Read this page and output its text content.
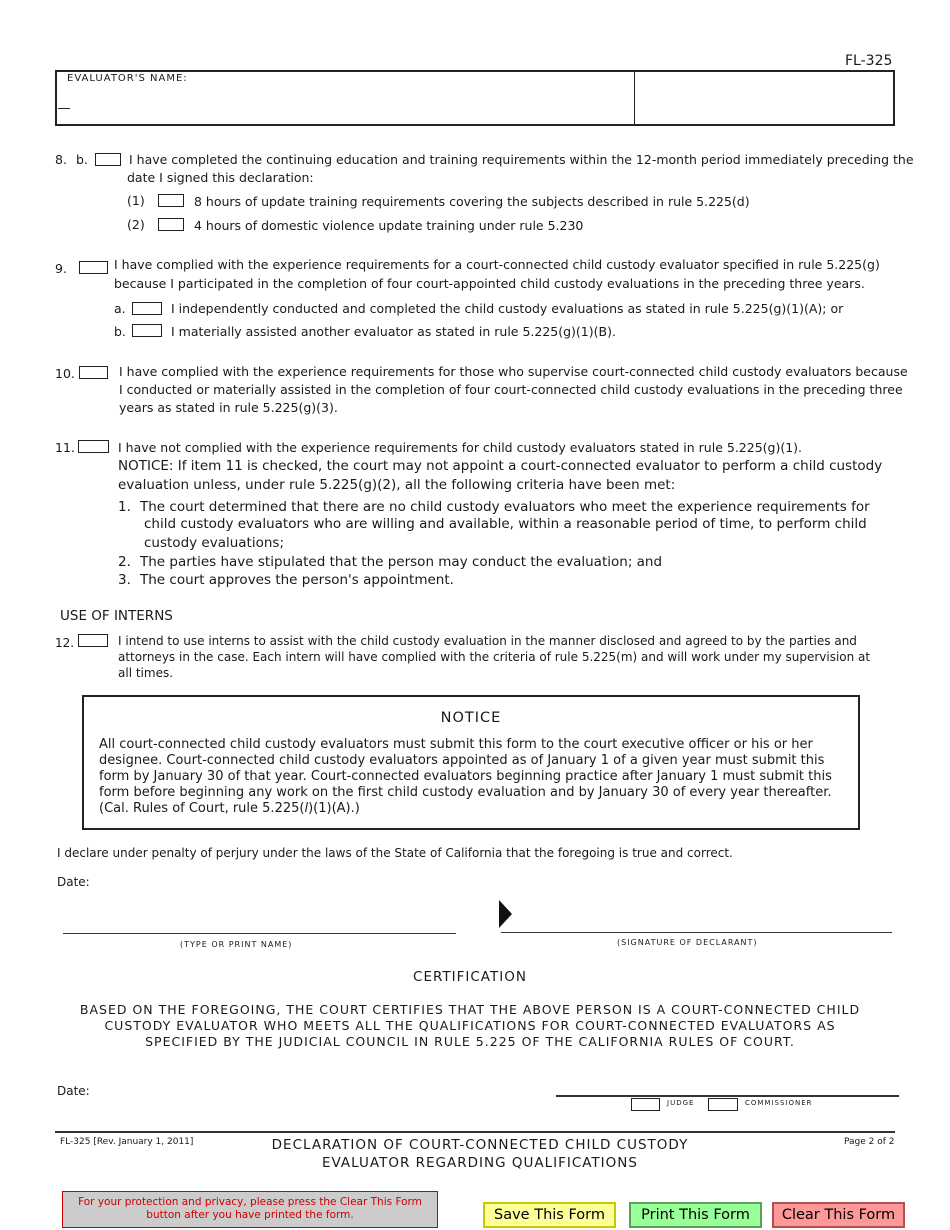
FL-325
EVALUATOR'S NAME:
8. b.	I have completed the continuing education and training requirements within the 12-month period immediately preceding the
date I signed this declaration:
(1)	8 hours of update training requirements covering the subjects described in rule 5.225(d)
(2)	4 hours of domestic violence update training under rule 5.230
9.	I have complied with the experience requirements for a court-connected child custody evaluator specified in rule 5.225(g)
because I participated in the completion of four court-appointed child custody evaluations in the preceding three years.
a.	I independently conducted and completed the child custody evaluations as stated in rule 5.225(g)(1)(A); or
b.	I materially assisted another evaluator as stated in rule 5.225(g)(1)(B).
10.	I have complied with the experience requirements for those who supervise court-connected child custody evaluators because
I conducted or materially assisted in the completion of four court-connected child custody evaluations in the preceding three
years as stated in rule 5.225(g)(3).
11.	I have not complied with the experience requirements for child custody evaluators stated in rule 5.225(g)(1).
NOTICE: If item 11 is checked, the court may not appoint a court-connected evaluator to perform a child custody
evaluation unless, under rule 5.225(g)(2), all the following criteria have been met:
1. The court determined that there are no child custody evaluators who meet the experience requirements for
child custody evaluators who are willing and available, within a reasonable period of time, to perform child
custody evaluations;
2. The parties have stipulated that the person may conduct the evaluation; and
3. The court approves the person's appointment.
USE OF INTERNS
12.	I intend to use interns to assist with the child custody evaluation in the manner disclosed and agreed to by the parties and
attorneys in the case. Each intern will have complied with the criteria of rule 5.225(m) and will work under my supervision at
all times.
NOTICE
All court-connected child custody evaluators must submit this form to the court executive officer or his or her
designee. Court-connected child custody evaluators appointed as of January 1 of a given year must submit this
form by January 30 of that year. Court-connected evaluators beginning practice after January 1 must submit this
form before beginning any work on the first child custody evaluation and by January 30 of every year thereafter.
(Cal. Rules of Court, rule 5.225(l)(1)(A).)
I declare under penalty of perjury under the laws of the State of California that the foregoing is true and correct.
Date:
(TYPE OR PRINT NAME)	(SIGNATURE OF DECLARANT)
CERTIFICATION
BASED ON THE FOREGOING, THE COURT CERTIFIES THAT THE ABOVE PERSON IS A COURT-CONNECTED CHILD
CUSTODY EVALUATOR WHO MEETS ALL THE QUALIFICATIONS FOR COURT-CONNECTED EVALUATORS AS
SPECIFIED BY THE JUDICIAL COUNCIL IN RULE 5.225 OF THE CALIFORNIA RULES OF COURT.
Date:
JUDGE	COMMISSIONER
FL-325 [Rev. January 1, 2011]	DECLARATION OF COURT-CONNECTED CHILD CUSTODY
EVALUATOR REGARDING QUALIFICATIONS
Page 2 of 2
For your protection and privacy, please press the Clear This Form
button after you have printed the form.	Save This Form	Print This Form	Clear This Form
